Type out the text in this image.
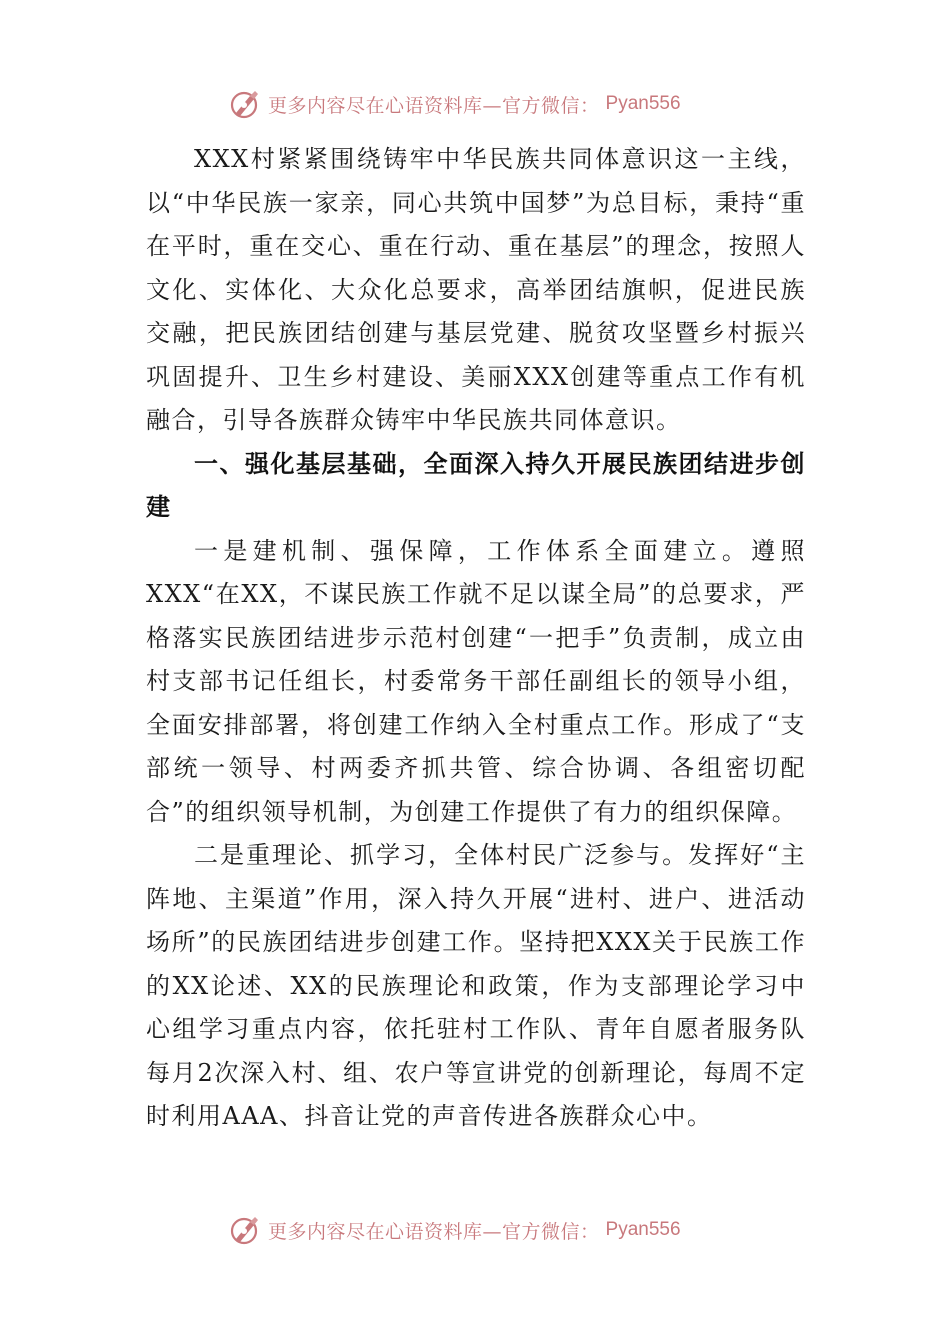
更多内容尽在心语资料库—官方微信： Pyan556

XXX村紧紧围绕铸牢中华民族共同体意识这一主线，以“中华民族一家亲，同心共筑中国梦”为总目标，秉持“重在平时，重在交心、重在行动、重在基层”的理念，按照人文化、实体化、大众化总要求，高举团结旗帜，促进民族交融，把民族团结创建与基层党建、脱贫攻坚暨乡村振兴巩固提升、卫生乡村建设、美丽XXX创建等重点工作有机融合，引导各族群众铸牢中华民族共同体意识。

一、强化基层基础，全面深入持久开展民族团结进步创建

一是建机制、强保障，工作体系全面建立。遵照XXX“在XX，不谋民族工作就不足以谋全局”的总要求，严格落实民族团结进步示范村创建“一把手”负责制，成立由村支部书记任组长，村委常务干部任副组长的领导小组，全面安排部署，将创建工作纳入全村重点工作。形成了“支部统一领导、村两委齐抓共管、综合协调、各组密切配合”的组织领导机制，为创建工作提供了有力的组织保障。

二是重理论、抓学习，全体村民广泛参与。发挥好“主阵地、主渠道”作用，深入持久开展“进村、进户、进活动场所”的民族团结进步创建工作。坚持把XXX关于民族工作的XX论述、XX的民族理论和政策，作为支部理论学习中心组学习重点内容，依托驻村工作队、青年自愿者服务队每月2次深入村、组、农户等宣讲党的创新理论，每周不定时利用AAA、抖音让党的声音传进各族群众心中。

更多内容尽在心语资料库—官方微信： Pyan556
